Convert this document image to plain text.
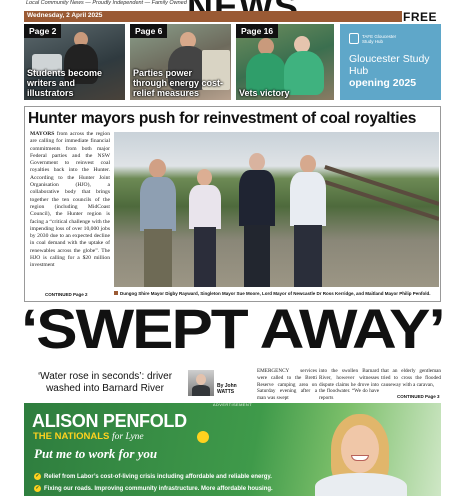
Local Community News — Proudly Independent — Family Owned
Wednesday, 2 April 2025	FREE
Page 2
Students become writers and illustrators
Page 6
Parties power through energy cost-relief measures
Page 16
Vets victory
TAFE Gloucester Study Hub
Gloucester Study Hub
opening 2025
Hunter mayors push for reinvestment of coal royalties
MAYORS from across the region are calling for immediate financial commitments from both major Federal parties and the NSW Government to reinvest coal royalties back into the Hunter. According to the Hunter Joint Organisation (HJO), a collaborative body that brings together the ten councils of the region (including MidCoast Council), the Hunter region is facing a “critical challenge with the impending loss of over 10,000 jobs by 2030 due to an expected decline in coal demand with the uptake of renewables across the globe”. The HJO is calling for a $20 million investment
CONTINUED Page 2	Dungog Shire Mayor Digby Rayward, Singleton Mayor Sue Moore, Lord Mayor of Newcastle Dr Ross Kerridge, and Maitland Mayor Philip Penfold.
‘SWEPT AWAY’
‘Water rose in seconds’: driver washed into Barnard River	By John WATTS
EMERGENCY services were called to the Bretti Reserve camping area on Saturday evening after a man was swept
into the swollen Barnard River, however witnesses dispute claims he drove into the floodwater. “We do have reports
that an elderly gentleman tried to cross the flooded causeway with a caravan,
CONTINUED Page 3
ADVERTISEMENT
ALISON PENFOLD
THE NATIONALS for Lyne
Put me to work for you
✓ Relief from Labor’s cost-of-living crisis including affordable and reliable energy.
✓ Fixing our roads. Improving community infrastructure. More affordable housing.
